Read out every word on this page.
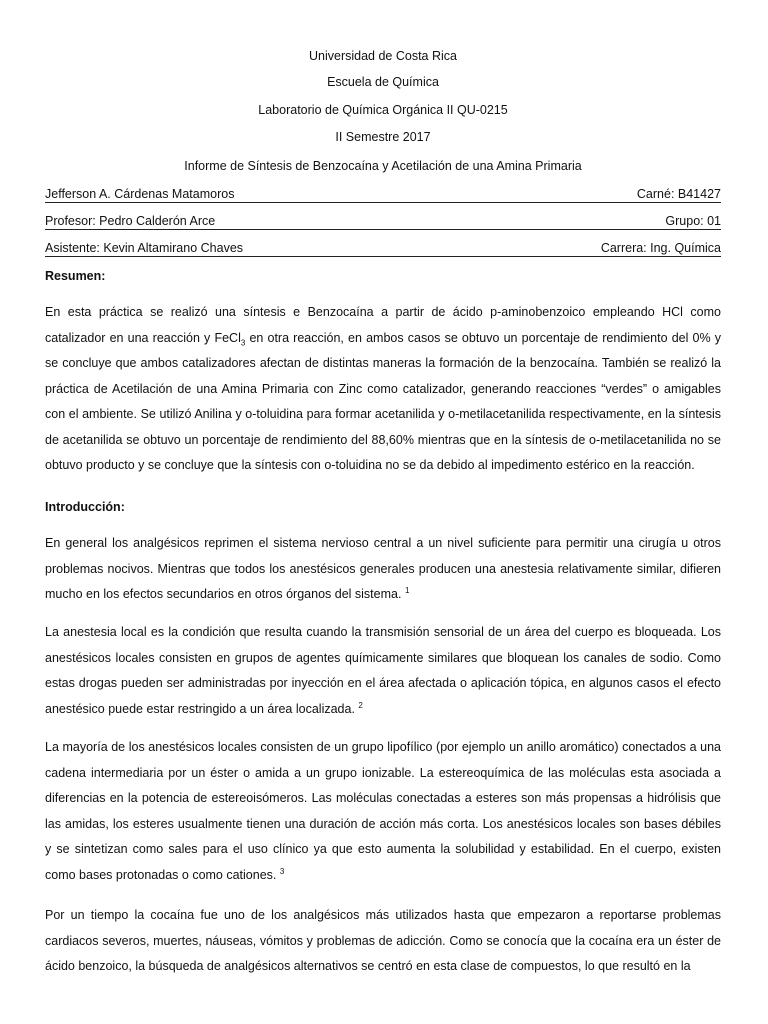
Universidad de Costa Rica
Escuela de Química
Laboratorio de Química Orgánica II QU-0215
II Semestre 2017
Informe de Síntesis de Benzocaína y Acetilación de una Amina Primaria
Jefferson A. Cárdenas Matamoros	Carné: B41427
Profesor: Pedro Calderón Arce	Grupo: 01
Asistente: Kevin Altamirano Chaves	Carrera: Ing. Química
Resumen:
En esta práctica se realizó una síntesis e Benzocaína a partir de ácido p-aminobenzoico empleando HCl como catalizador en una reacción y FeCl$_3$ en otra reacción, en ambos casos se obtuvo un porcentaje de rendimiento del 0% y se concluye que ambos catalizadores afectan de distintas maneras la formación de la benzocaína. También se realizó la práctica de Acetilación de una Amina Primaria con Zinc como catalizador, generando reacciones “verdes” o amigables con el ambiente. Se utilizó Anilina y o-toluidina para formar acetanilida y o-metilacetanilida respectivamente, en la síntesis de acetanilida se obtuvo un porcentaje de rendimiento del 88,60% mientras que en la síntesis de o-metilacetanilida no se obtuvo producto y se concluye que la síntesis con o-toluidina no se da debido al impedimento estérico en la reacción.
Introducción:
En general los analgésicos reprimen el sistema nervioso central a un nivel suficiente para permitir una cirugía u otros problemas nocivos. Mientras que todos los anestésicos generales producen una anestesia relativamente similar, difieren mucho en los efectos secundarios en otros órganos del sistema. $^1$
La anestesia local es la condición que resulta cuando la transmisión sensorial de un área del cuerpo es bloqueada. Los anestésicos locales consisten en grupos de agentes químicamente similares que bloquean los canales de sodio. Como estas drogas pueden ser administradas por inyección en el área afectada o aplicación tópica, en algunos casos el efecto anestésico puede estar restringido a un área localizada. $^2$
La mayoría de los anestésicos locales consisten de un grupo lipofílico (por ejemplo un anillo aromático) conectados a una cadena intermediaria por un éster o amida a un grupo ionizable. La estereoquímica de las moléculas esta asociada a diferencias en la potencia de estereoisómeros. Las moléculas conectadas a esteres son más propensas a hidrólisis que las amidas, los esteres usualmente tienen una duración de acción más corta. Los anestésicos locales son bases débiles y se sintetizan como sales para el uso clínico ya que esto aumenta la solubilidad y estabilidad. En el cuerpo, existen como bases protonadas o como cationes. $^3$
Por un tiempo la cocaína fue uno de los analgésicos más utilizados hasta que empezaron a reportarse problemas cardiacos severos, muertes, náuseas, vómitos y problemas de adicción. Como se conocía que la cocaína era un éster de ácido benzoico, la búsqueda de analgésicos alternativos se centró en esta clase de compuestos, lo que resultó en la
